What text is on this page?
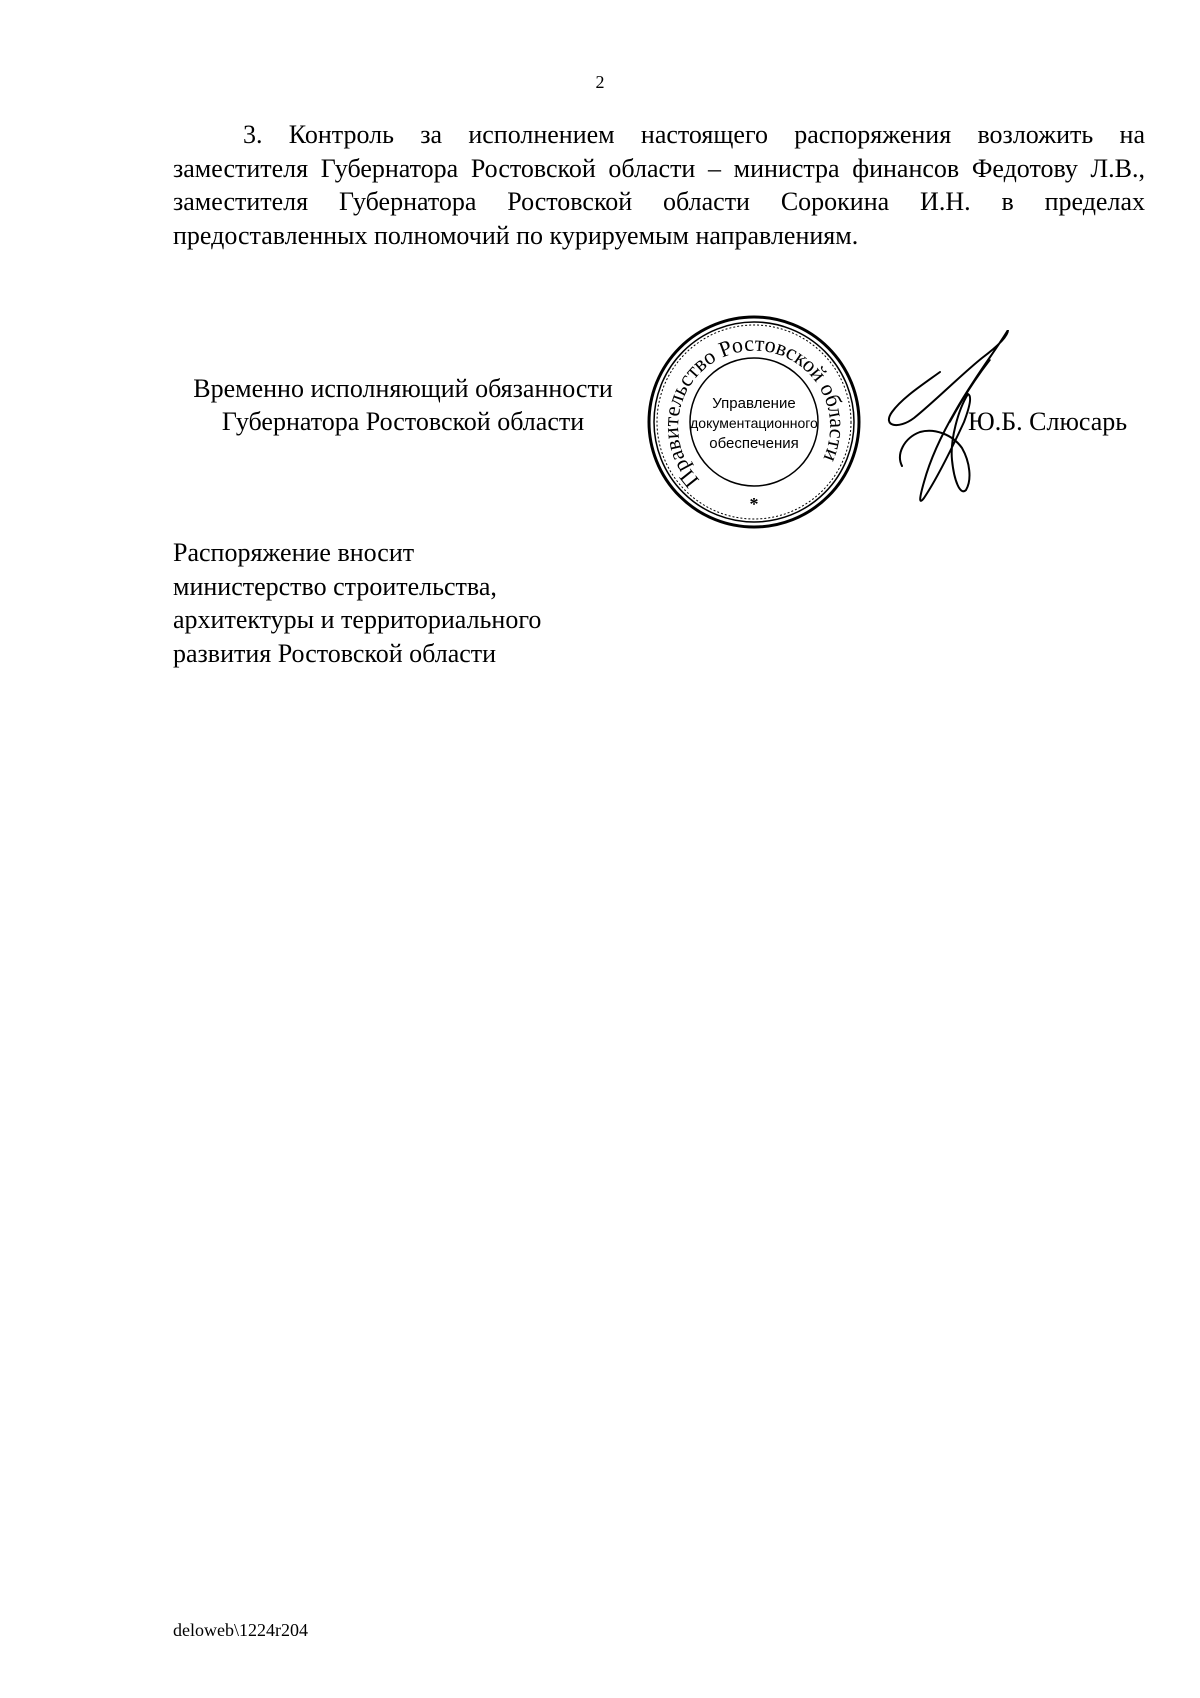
2

3. Контроль за исполнением настоящего распоряжения возложить на заместителя Губернатора Ростовской области – министра финансов Федотову Л.В., заместителя Губернатора Ростовской области Сорокина И.Н. в пределах предоставленных полномочий по курируемым направлениям.

Временно исполняющий обязанности
Губернатора Ростовской области
Правительство Ростовской области
Управление
документационного
обеспечения
*
Ю.Б. Слюсарь
Распоряжение вносит
министерство строительства,
архитектуры и территориального
развития Ростовской области
deloweb\1224r204
